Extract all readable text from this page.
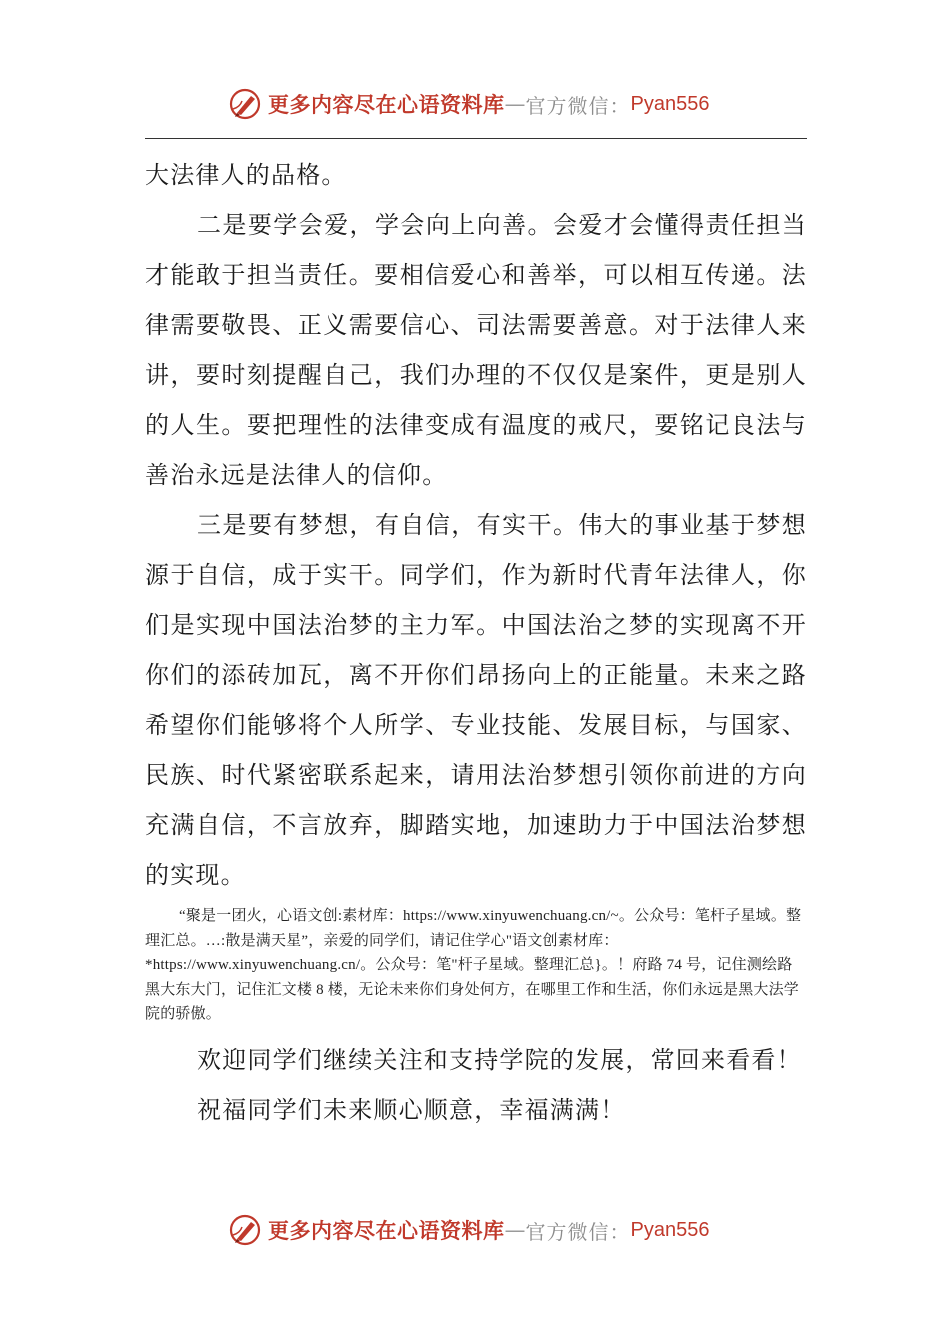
更多内容尽在心语资料库 — 官方微信： Pyan556

大法律人的品格。

二是要学会爱，学会向上向善。会爱才会懂得责任担当才能敢于担当责任。要相信爱心和善举，可以相互传递。法律需要敬畏、正义需要信心、司法需要善意。对于法律人来讲，要时刻提醒自己，我们办理的不仅仅是案件，更是别人的人生。要把理性的法律变成有温度的戒尺，要铭记良法与善治永远是法律人的信仰。

三是要有梦想，有自信，有实干。伟大的事业基于梦想源于自信，成于实干。同学们，作为新时代青年法律人，你们是实现中国法治梦的主力军。中国法治之梦的实现离不开你们的添砖加瓦，离不开你们昂扬向上的正能量。未来之路希望你们能够将个人所学、专业技能、发展目标，与国家、民族、时代紧密联系起来，请用法治梦想引领你前进的方向充满自信，不言放弃，脚踏实地，加速助力于中国法治梦想的实现。

“聚是一团火，心语文创:素材库：https://www.xinyuwenchuang.cn/~。公众号：笔杆子星域。整理汇总。…:散是满天星”，亲爱的同学们，请记住学心"语文创素材库：*https://www.xinyuwenchuang.cn/。公众号：笔"杆子星域。整理汇总}。！府路 74 号，记住测绘路黑大东大门，记住汇文楼 8 楼，无论未来你们身处何方，在哪里工作和生活，你们永远是黑大法学院的骄傲。

欢迎同学们继续关注和支持学院的发展，常回来看看！

祝福同学们未来顺心顺意，幸福满满！

更多内容尽在心语资料库 — 官方微信： Pyan556
